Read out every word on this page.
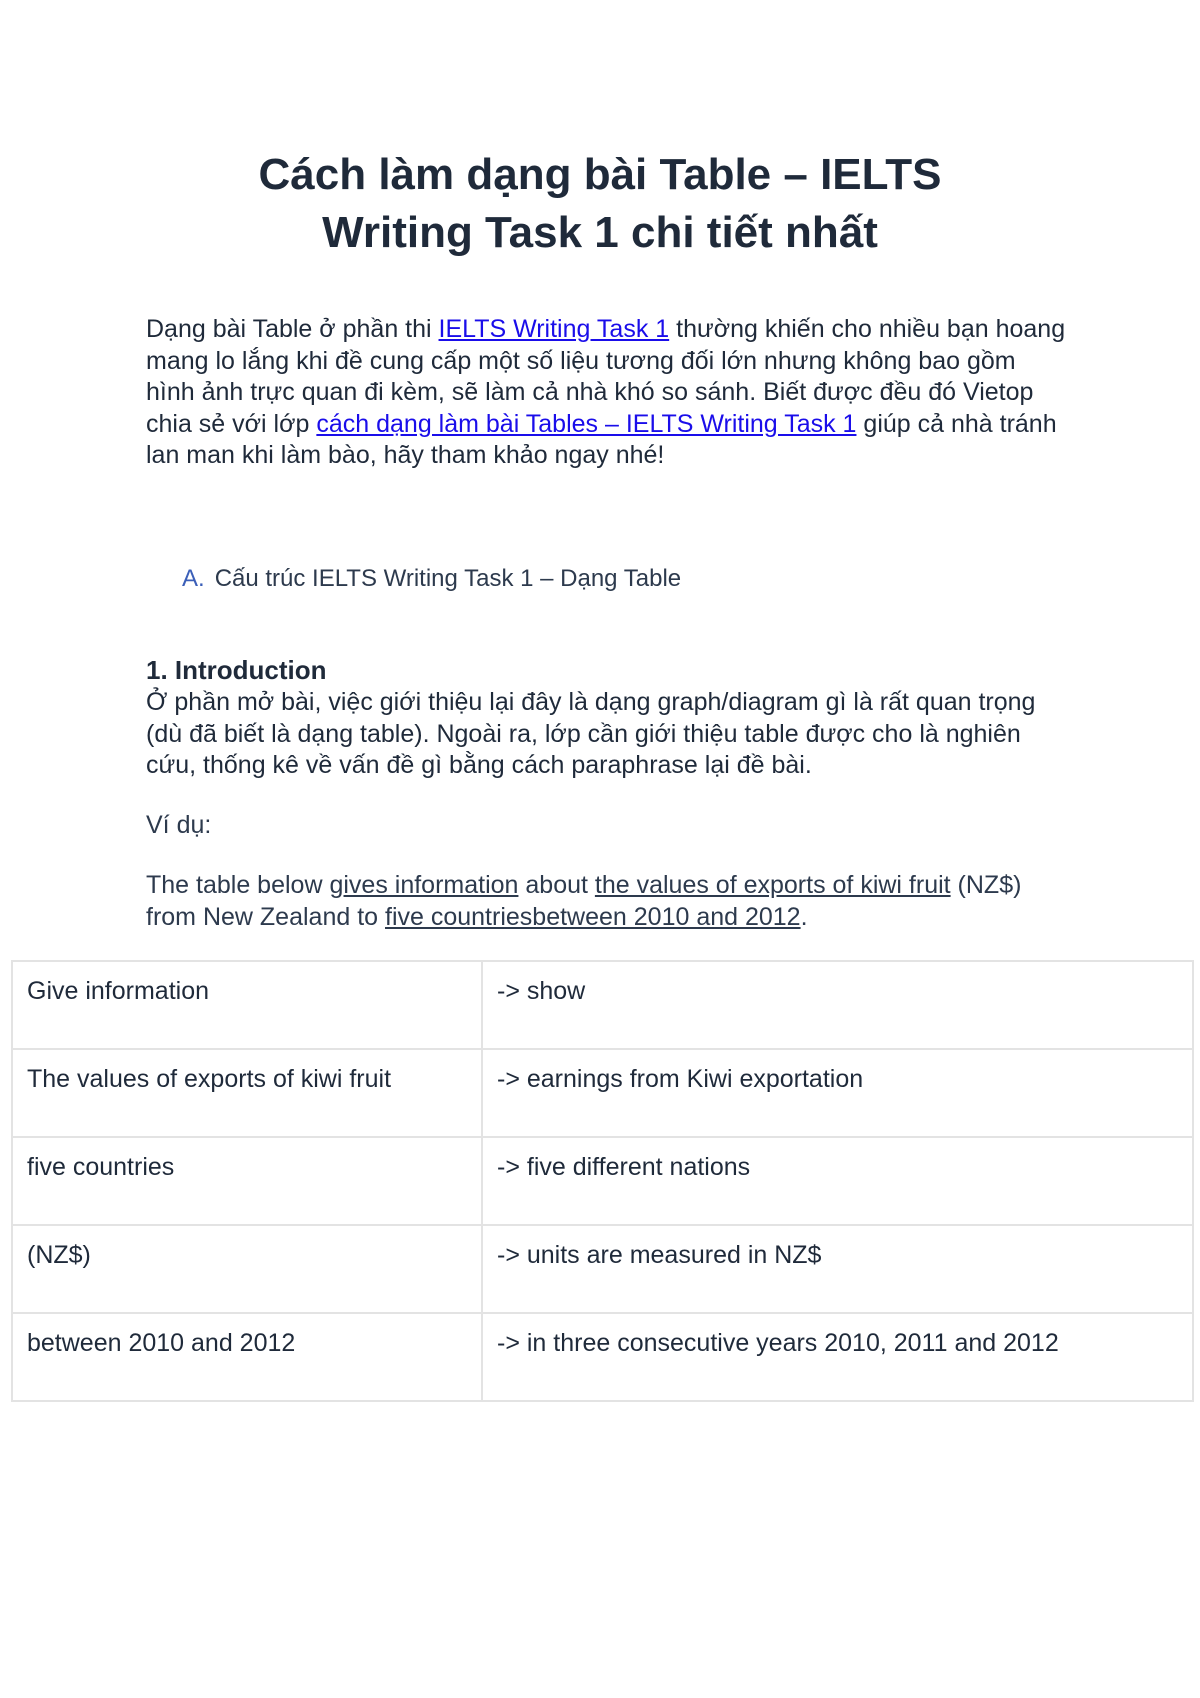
Cách làm dạng bài Table – IELTS
Writing Task 1 chi tiết nhất

Dạng bài Table ở phần thi IELTS Writing Task 1 thường khiến cho nhiều bạn hoang mang lo lắng khi đề cung cấp một số liệu tương đối lớn nhưng không bao gồm hình ảnh trực quan đi kèm, sẽ làm cả nhà khó so sánh. Biết được đều đó Vietop chia sẻ với lớp cách dạng làm bài Tables – IELTS Writing Task 1 giúp cả nhà tránh lan man khi làm bào, hãy tham khảo ngay nhé!

A. Cấu trúc IELTS Writing Task 1 – Dạng Table

1. Introduction

Ở phần mở bài, việc giới thiệu lại đây là dạng graph/diagram gì là rất quan trọng (dù đã biết là dạng table). Ngoài ra, lớp cần giới thiệu table được cho là nghiên cứu, thống kê về vấn đề gì bằng cách paraphrase lại đề bài.

Ví dụ:

The table below gives information about the values of exports of kiwi fruit (NZ$) from New Zealand to five countriesbetween 2010 and 2012.

Give information	-> show
The values of exports of kiwi fruit	-> earnings from Kiwi exportation
five countries	-> five different nations
(NZ$)	-> units are measured in NZ$
between 2010 and 2012	-> in three consecutive years 2010, 2011 and 2012
